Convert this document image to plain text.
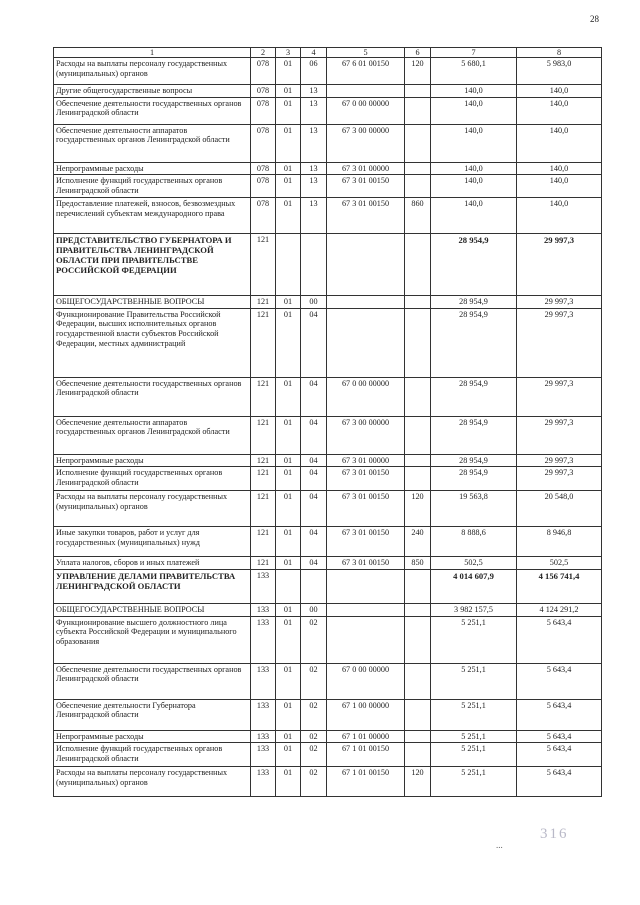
28
1	2	3	4	5	6	7	8
Расходы на выплаты персоналу государственных (муниципальных) органов	078	01	06	67 6 01 00150	120	5 680,1	5 983,0
Другие общегосударственные вопросы	078	01	13			140,0	140,0
Обеспечение деятельности государственных органов Ленинградской области	078	01	13	67 0 00 00000		140,0	140,0
Обеспечение деятельности аппаратов государственных органов Ленинградской области	078	01	13	67 3 00 00000		140,0	140,0
Непрограммные расходы	078	01	13	67 3 01 00000		140,0	140,0
Исполнение функций государственных органов Ленинградской области	078	01	13	67 3 01 00150		140,0	140,0
Предоставление платежей, взносов, безвозмездных перечислений субъектам международного права	078	01	13	67 3 01 00150	860	140,0	140,0
ПРЕДСТАВИТЕЛЬСТВО ГУБЕРНАТОРА И ПРАВИТЕЛЬСТВА ЛЕНИНГРАДСКОЙ ОБЛАСТИ ПРИ ПРАВИТЕЛЬСТВЕ РОССИЙСКОЙ ФЕДЕРАЦИИ	121					28 954,9	29 997,3
ОБЩЕГОСУДАРСТВЕННЫЕ ВОПРОСЫ	121	01	00			28 954,9	29 997,3
Функционирование Правительства Российской Федерации, высших исполнительных органов государственной власти субъектов Российской Федерации, местных администраций	121	01	04			28 954,9	29 997,3
Обеспечение деятельности государственных органов Ленинградской области	121	01	04	67 0 00 00000		28 954,9	29 997,3
Обеспечение деятельности аппаратов государственных органов Ленинградской области	121	01	04	67 3 00 00000		28 954,9	29 997,3
Непрограммные расходы	121	01	04	67 3 01 00000		28 954,9	29 997,3
Исполнение функций государственных органов Ленинградской области	121	01	04	67 3 01 00150		28 954,9	29 997,3
Расходы на выплаты персоналу государственных (муниципальных) органов	121	01	04	67 3 01 00150	120	19 563,8	20 548,0
Иные закупки товаров, работ и услуг для государственных (муниципальных) нужд	121	01	04	67 3 01 00150	240	8 888,6	8 946,8
Уплата налогов, сборов и иных платежей	121	01	04	67 3 01 00150	850	502,5	502,5
УПРАВЛЕНИЕ ДЕЛАМИ ПРАВИТЕЛЬСТВА ЛЕНИНГРАДСКОЙ ОБЛАСТИ	133					4 014 607,9	4 156 741,4
ОБЩЕГОСУДАРСТВЕННЫЕ ВОПРОСЫ	133	01	00			3 982 157,5	4 124 291,2
Функционирование высшего должностного лица субъекта Российской Федерации и муниципального образования	133	01	02			5 251,1	5 643,4
Обеспечение деятельности государственных органов Ленинградской области	133	01	02	67 0 00 00000		5 251,1	5 643,4
Обеспечение деятельности Губернатора Ленинградской области	133	01	02	67 1 00 00000		5 251,1	5 643,4
Непрограммные расходы	133	01	02	67 1 01 00000		5 251,1	5 643,4
Исполнение функций государственных органов Ленинградской области	133	01	02	67 1 01 00150		5 251,1	5 643,4
Расходы на выплаты персоналу государственных (муниципальных) органов	133	01	02	67 1 01 00150	120	5 251,1	5 643,4
...
316
